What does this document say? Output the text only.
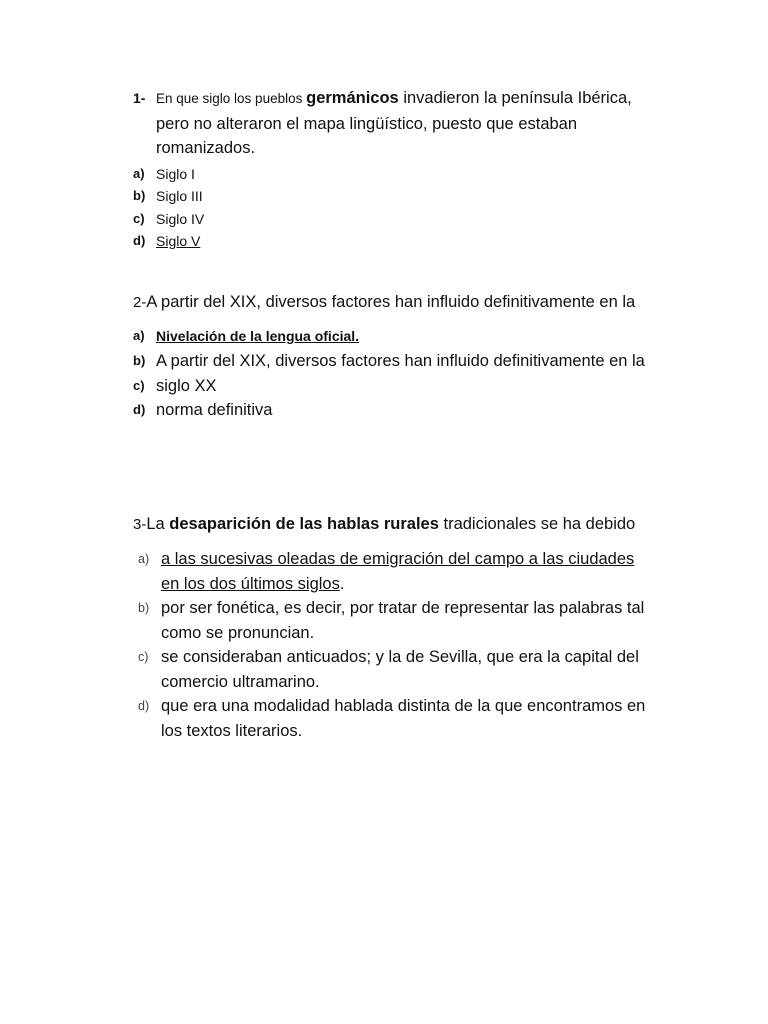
1- En que siglo los pueblos germánicos invadieron la península Ibérica, pero no alteraron el mapa lingüístico, puesto que estaban romanizados.
a) Siglo I
b) Siglo III
c) Siglo IV
d) Siglo V
2-A partir del XIX, diversos factores han influido definitivamente en la
a) Nivelación de la lengua oficial.
b) A partir del XIX, diversos factores han influido definitivamente en la
c) siglo XX
d) norma definitiva
3-La desaparición de las hablas rurales tradicionales se ha debido
a) a las sucesivas oleadas de emigración del campo a las ciudades en los dos últimos siglos.
b) por ser fonética, es decir, por tratar de representar las palabras tal como se pronuncian.
c) se consideraban anticuados; y la de Sevilla, que era la capital del comercio ultramarino.
d) que era una modalidad hablada distinta de la que encontramos en los textos literarios.
